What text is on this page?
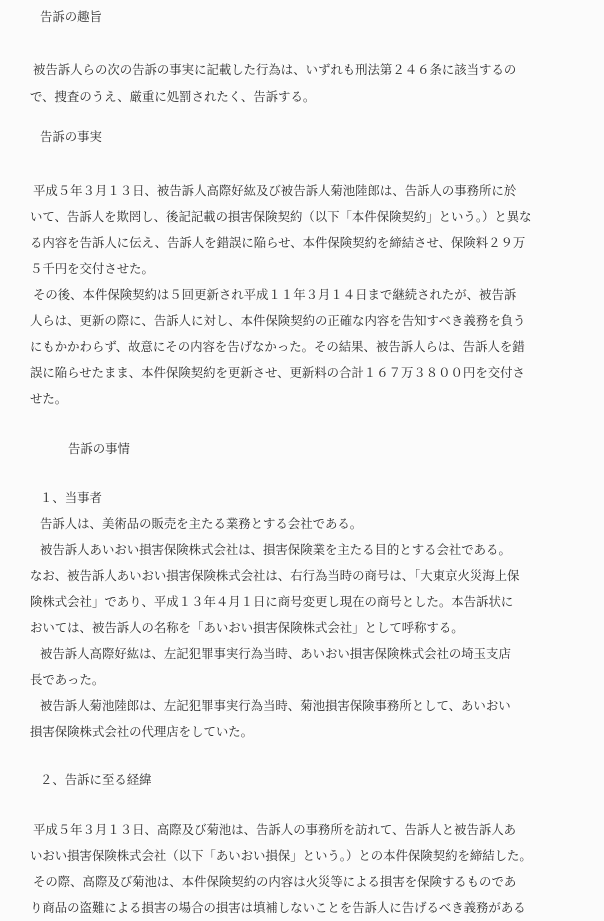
告訴の趣旨
被告訴人らの次の告訴の事実に記載した行為は、いずれも刑法第２４６条に該当するの
で、捜査のうえ、厳重に処罰されたく、告訴する。
告訴の事実
平成５年３月１３日、被告訴人高際好紘及び被告訴人菊池陸郎は、告訴人の事務所に於
いて、告訴人を欺罔し、後記記載の損害保険契約（以下「本件保険契約」という。）と異な
る内容を告訴人に伝え、告訴人を錯誤に陥らせ、本件保険契約を締結させ、保険料２９万
５千円を交付させた。
その後、本件保険契約は５回更新され平成１１年３月１４日まで継続されたが、被告訴
人らは、更新の際に、告訴人に対し、本件保険契約の正確な内容を告知すべき義務を負う
にもかかわらず、故意にその内容を告げなかった。その結果、被告訴人らは、告訴人を錯
誤に陥らせたまま、本件保険契約を更新させ、更新料の合計１６７万３８００円を交付さ
せた。
告訴の事情
１、当事者
告訴人は、美術品の販売を主たる業務とする会社である。
被告訴人あいおい損害保険株式会社は、損害保険業を主たる目的とする会社である。
なお、被告訴人あいおい損害保険株式会社は、右行為当時の商号は、「大東京火災海上保
険株式会社」であり、平成１３年４月１日に商号変更し現在の商号とした。本告訴状に
おいては、被告訴人の名称を「あいおい損害保険株式会社」として呼称する。
被告訴人高際好紘は、左記犯罪事実行為当時、あいおい損害保険株式会社の埼玉支店
長であった。
被告訴人菊池陸郎は、左記犯罪事実行為当時、菊池損害保険事務所として、あいおい
損害保険株式会社の代理店をしていた。
２、告訴に至る経緯
平成５年３月１３日、高際及び菊池は、告訴人の事務所を訪れて、告訴人と被告訴人あ
いおい損害保険株式会社（以下「あいおい損保」という。）との本件保険契約を締結した。
その際、高際及び菊池は、本件保険契約の内容は火災等による損害を保険するものであ
り商品の盗難による損害の場合の損害は填補しないことを告訴人に告げるべき義務がある
